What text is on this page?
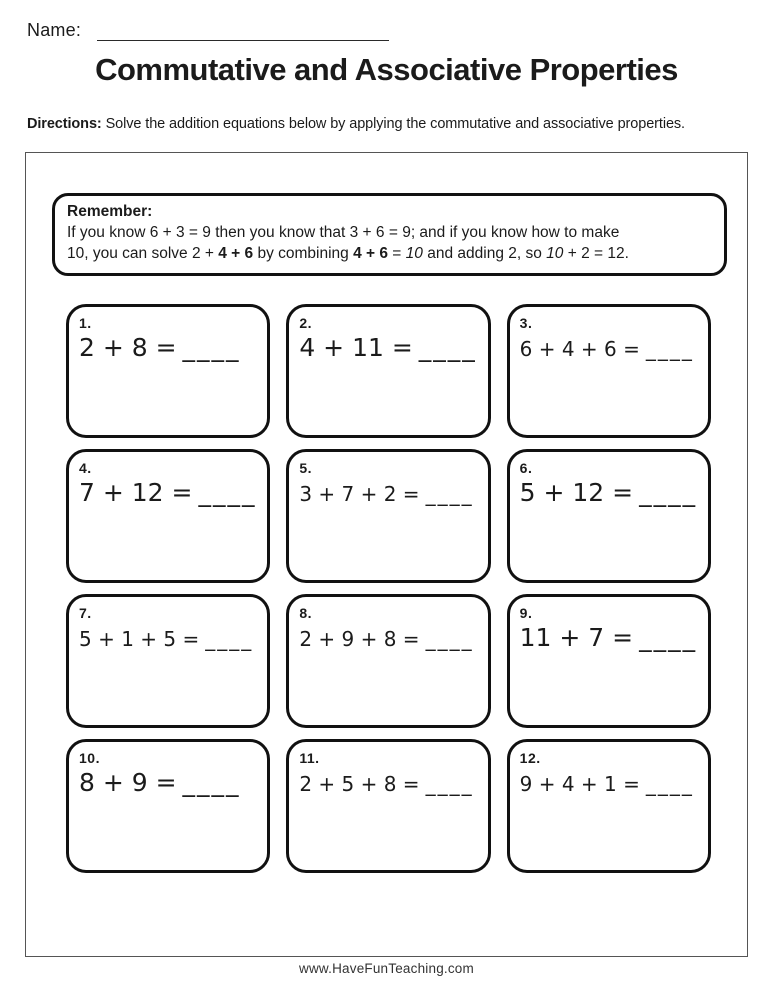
Name:
Commutative and Associative Properties
Directions: Solve the addition equations below by applying the commutative and associative properties.
Remember:
If you know 6 + 3 = 9 then you know that 3 + 6 = 9; and if you know how to make
10, you can solve 2 + 4 + 6 by combining 4 + 6 = 10 and adding 2, so 10 + 2 = 12.
1.
2 + 8 = ____
2.
4 + 11 = ____
3.
6 + 4 + 6 = ____
4.
7 + 12 = ____
5.
3 + 7 + 2 = ____
6.
5 + 12 = ____
7.
5 + 1 + 5 = ____
8.
2 + 9 + 8 = ____
9.
11 + 7 = ____
10.
8 + 9 = ____
11.
2 + 5 + 8 = ____
12.
9 + 4 + 1 = ____
www.HaveFunTeaching.com
